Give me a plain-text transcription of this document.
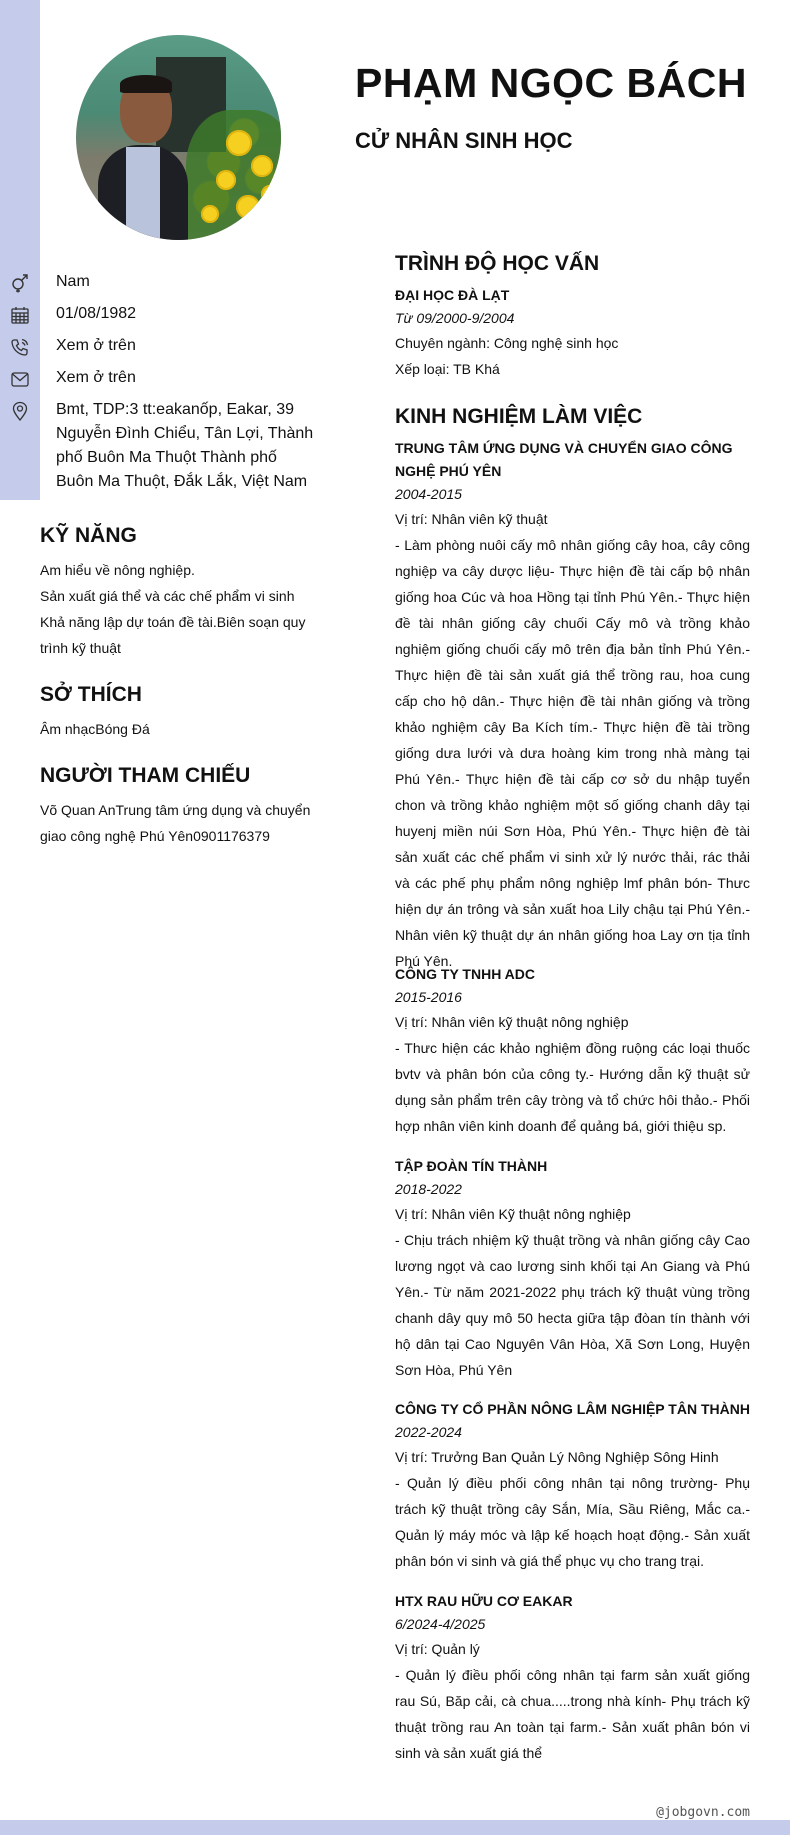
PHẠM NGỌC BÁCH
CỬ NHÂN SINH HỌC
Nam
01/08/1982
Xem ở trên
Xem ở trên
Bmt, TDP:3 tt:eakanốp, Eakar, 39 Nguyễn Đình Chiểu, Tân Lợi, Thành phố Buôn Ma Thuột Thành phố Buôn Ma Thuột, Đắk Lắk, Việt Nam
KỸ NĂNG
Am hiểu về nông nghiệp.
Sản xuất giá thể và các chế phẩm vi sinh Khả năng lập dự toán đề tài.Biên soạn quy trình kỹ thuật
SỞ THÍCH
Âm nhạcBóng Đá
NGƯỜI THAM CHIẾU
Võ Quan AnTrung tâm ứng dụng và chuyển giao công nghệ Phú Yên0901176379
TRÌNH ĐỘ HỌC VẤN
ĐẠI HỌC ĐÀ LẠT
Từ 09/2000-9/2004
Chuyên ngành: Công nghệ sinh học
Xếp loại: TB Khá
KINH NGHIỆM LÀM VIỆC
TRUNG TÂM ỨNG DỤNG VÀ CHUYỂN GIAO CÔNG NGHỆ PHÚ YÊN
2004-2015
Vị trí: Nhân viên kỹ thuật
- Làm phòng nuôi cấy mô nhân giống cây hoa, cây công nghiệp va cây dược liệu- Thực hiện đề tài cấp bộ nhân giống hoa Cúc và hoa Hồng tại tỉnh Phú Yên.- Thực hiện đề tài nhân giống cây chuối Cấy mô và trồng khảo nghiệm giống chuối cấy mô trên địa bản tỉnh Phú Yên.- Thực hiện đề tài sản xuất giá thể trồng rau, hoa cung cấp cho hộ dân.- Thực hiện đề tài nhân giống và trồng khảo nghiệm cây Ba Kích tím.- Thực hiện đề tài trồng giống dưa lưới và dưa hoàng kim trong nhà màng tại Phú Yên.- Thực hiện đề tài cấp cơ sở du nhập tuyển chon và trồng khảo nghiệm một số giống chanh dây tại huyenj miền núi Sơn Hòa, Phú Yên.- Thực hiện đè tài sản xuất các chế phẩm vi sinh xử lý nước thải, rác thải và các phế phụ phẩm nông nghiệp lmf phân bón- Thưc hiện dự án trông và sản xuất hoa Lily chậu tại Phú Yên.- Nhân viên kỹ thuật dự án nhân giống hoa Lay ơn tịa tỉnh Phú Yên.
CÔNG TY TNHH ADC
2015-2016
Vị trí: Nhân viên kỹ thuật nông nghiệp
- Thưc hiện các khảo nghiệm đồng ruộng các loại thuốc bvtv và phân bón của công ty.- Hướng dẫn kỹ thuật sử dụng sản phẩm trên cây tròng và tổ chức hôi thảo.- Phối hợp nhân viên kinh doanh để quảng bá, giới thiệu sp.
TẬP ĐOÀN TÍN THÀNH
2018-2022
Vị trí: Nhân viên Kỹ thuật nông nghiệp
- Chịu trách nhiệm kỹ thuật trồng và nhân giống cây Cao lương ngọt và cao lương sinh khối tại An Giang và Phú Yên.- Từ năm 2021-2022 phụ trách kỹ thuật vùng trồng chanh dây quy mô 50 hecta giữa tập đòan tín thành với hộ dân tại Cao Nguyên Vân Hòa, Xã Sơn Long, Huyện Sơn Hòa, Phú Yên
CÔNG TY CỔ PHẦN NÔNG LÂM NGHIỆP TÂN THÀNH
2022-2024
Vị trí: Trưởng Ban Quản Lý Nông Nghiệp Sông Hinh
- Quản lý điều phối công nhân tại nông trường- Phụ trách kỹ thuật trồng cây Sắn, Mía, Sầu Riêng, Mắc ca.- Quản lý máy móc và lập kế hoạch hoạt động.- Sản xuất phân bón vi sinh và giá thể phục vụ cho trang trại.
HTX RAU HỮU CƠ EAKAR
6/2024-4/2025
Vị trí: Quản lý
- Quản lý điều phối công nhân tại farm sản xuất giống rau Sú, Băp cải, cà chua.....trong nhà kính- Phụ trách kỹ thuật trồng rau An toàn tại farm.- Sản xuất phân bón vi sinh và sản xuất giá thể
@jobgovn.com
